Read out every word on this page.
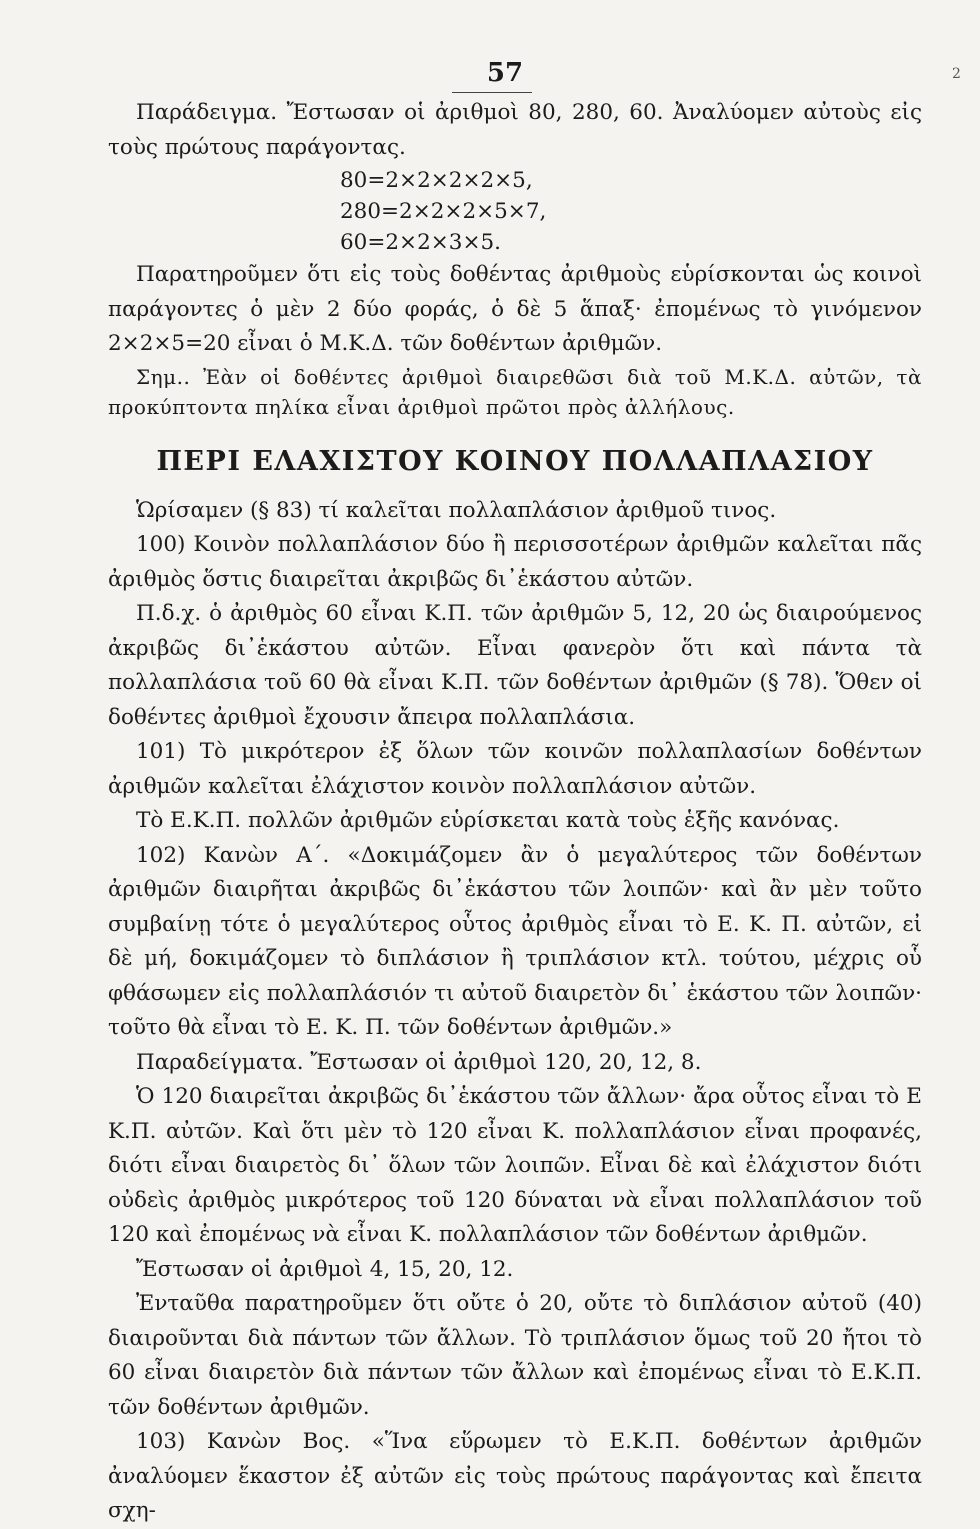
57	2

Παράδειγμα. Ἔστωσαν οἱ ἀριθμοὶ 80, 280, 60. Ἀναλύομεν αὐτοὺς εἰς τοὺς πρώτους παράγοντας.

80=2×2×2×2×5,
280=2×2×2×5×7,
60=2×2×3×5.

Παρατηροῦμεν ὅτι εἰς τοὺς δοθέντας ἀριθμοὺς εὑρίσκονται ὡς κοινοὶ παράγοντες ὁ μὲν 2 δύο φοράς, ὁ δὲ 5 ἅπαξ· ἐπομένως τὸ γινόμενον 2×2×5=20 εἶναι ὁ Μ.Κ.Δ. τῶν δοθέντων ἀριθμῶν.

Σημ.. Ἐὰν οἱ δοθέντες ἀριθμοὶ διαιρεθῶσι διὰ τοῦ Μ.Κ.Δ. αὐτῶν, τὰ προκύπτοντα πηλίκα εἶναι ἀριθμοὶ πρῶτοι πρὸς ἀλλήλους.

ΠΕΡΙ ΕΛΑΧΙΣΤΟΥ ΚΟΙΝΟΥ ΠΟΛΛΑΠΛΑΣΙΟΥ

Ὡρίσαμεν (§ 83) τί καλεῖται πολλαπλάσιον ἀριθμοῦ τινος.

100) Κοινὸν πολλαπλάσιον δύο ἢ περισσοτέρων ἀριθμῶν καλεῖται πᾶς ἀριθμὸς ὅστις διαιρεῖται ἀκριβῶς δι᾿ἑκάστου αὐτῶν.

Π.δ.χ. ὁ ἀριθμὸς 60 εἶναι Κ.Π. τῶν ἀριθμῶν 5, 12, 20 ὡς διαιρούμενος ἀκριβῶς δι᾿ἑκάστου αὐτῶν. Εἶναι φανερὸν ὅτι καὶ πάντα τὰ πολλαπλάσια τοῦ 60 θὰ εἶναι Κ.Π. τῶν δοθέντων ἀριθμῶν (§ 78). Ὅθεν οἱ δοθέντες ἀριθμοὶ ἔχουσιν ἄπειρα πολλαπλάσια.

101) Τὸ μικρότερον ἐξ ὅλων τῶν κοινῶν πολλαπλασίων δοθέντων ἀριθμῶν καλεῖται ἐλάχιστον κοινὸν πολλαπλάσιον αὐτῶν.

Τὸ Ε.Κ.Π. πολλῶν ἀριθμῶν εὑρίσκεται κατὰ τοὺς ἑξῆς κανόνας.

102) Κανὼν Α΄. «Δοκιμάζομεν ἂν ὁ μεγαλύτερος τῶν δοθέντων ἀριθμῶν διαιρῆται ἀκριβῶς δι᾿ἑκάστου τῶν λοιπῶν· καὶ ἂν μὲν τοῦτο συμβαίνῃ τότε ὁ μεγαλύτερος οὗτος ἀριθμὸς εἶναι τὸ Ε. Κ. Π. αὐτῶν, εἰ δὲ μή, δοκιμάζομεν τὸ διπλάσιον ἢ τριπλάσιον κτλ. τούτου, μέχρις οὗ φθάσωμεν εἰς πολλαπλάσιόν τι αὐτοῦ διαιρετὸν δι᾿ ἑκάστου τῶν λοιπῶν· τοῦτο θὰ εἶναι τὸ Ε. Κ. Π. τῶν δοθέντων ἀριθμῶν.»

Παραδείγματα. Ἔστωσαν οἱ ἀριθμοὶ 120, 20, 12, 8.

Ὁ 120 διαιρεῖται ἀκριβῶς δι᾿ἑκάστου τῶν ἄλλων· ἄρα οὗτος εἶναι τὸ Ε Κ.Π. αὐτῶν. Καὶ ὅτι μὲν τὸ 120 εἶναι Κ. πολλαπλάσιον εἶναι προφανές, διότι εἶναι διαιρετὸς δι᾿ ὅλων τῶν λοιπῶν. Εἶναι δὲ καὶ ἐλάχιστον διότι οὐδεὶς ἀριθμὸς μικρότερος τοῦ 120 δύναται νὰ εἶναι πολλαπλάσιον τοῦ 120 καὶ ἐπομένως νὰ εἶναι Κ. πολλαπλάσιον τῶν δοθέντων ἀριθμῶν.

Ἔστωσαν οἱ ἀριθμοὶ 4, 15, 20, 12.

Ἐνταῦθα παρατηροῦμεν ὅτι οὔτε ὁ 20, οὔτε τὸ διπλάσιον αὐτοῦ (40) διαιροῦνται διὰ πάντων τῶν ἄλλων. Τὸ τριπλάσιον ὅμως τοῦ 20 ἤτοι τὸ 60 εἶναι διαιρετὸν διὰ πάντων τῶν ἄλλων καὶ ἐπομένως εἶναι τὸ Ε.Κ.Π. τῶν δοθέντων ἀριθμῶν.

103) Κανὼν Βος. «Ἵνα εὕρωμεν τὸ Ε.Κ.Π. δοθέντων ἀριθμῶν ἀναλύομεν ἕκαστον ἐξ αὐτῶν εἰς τοὺς πρώτους παράγοντας καὶ ἔπειτα σχη-
